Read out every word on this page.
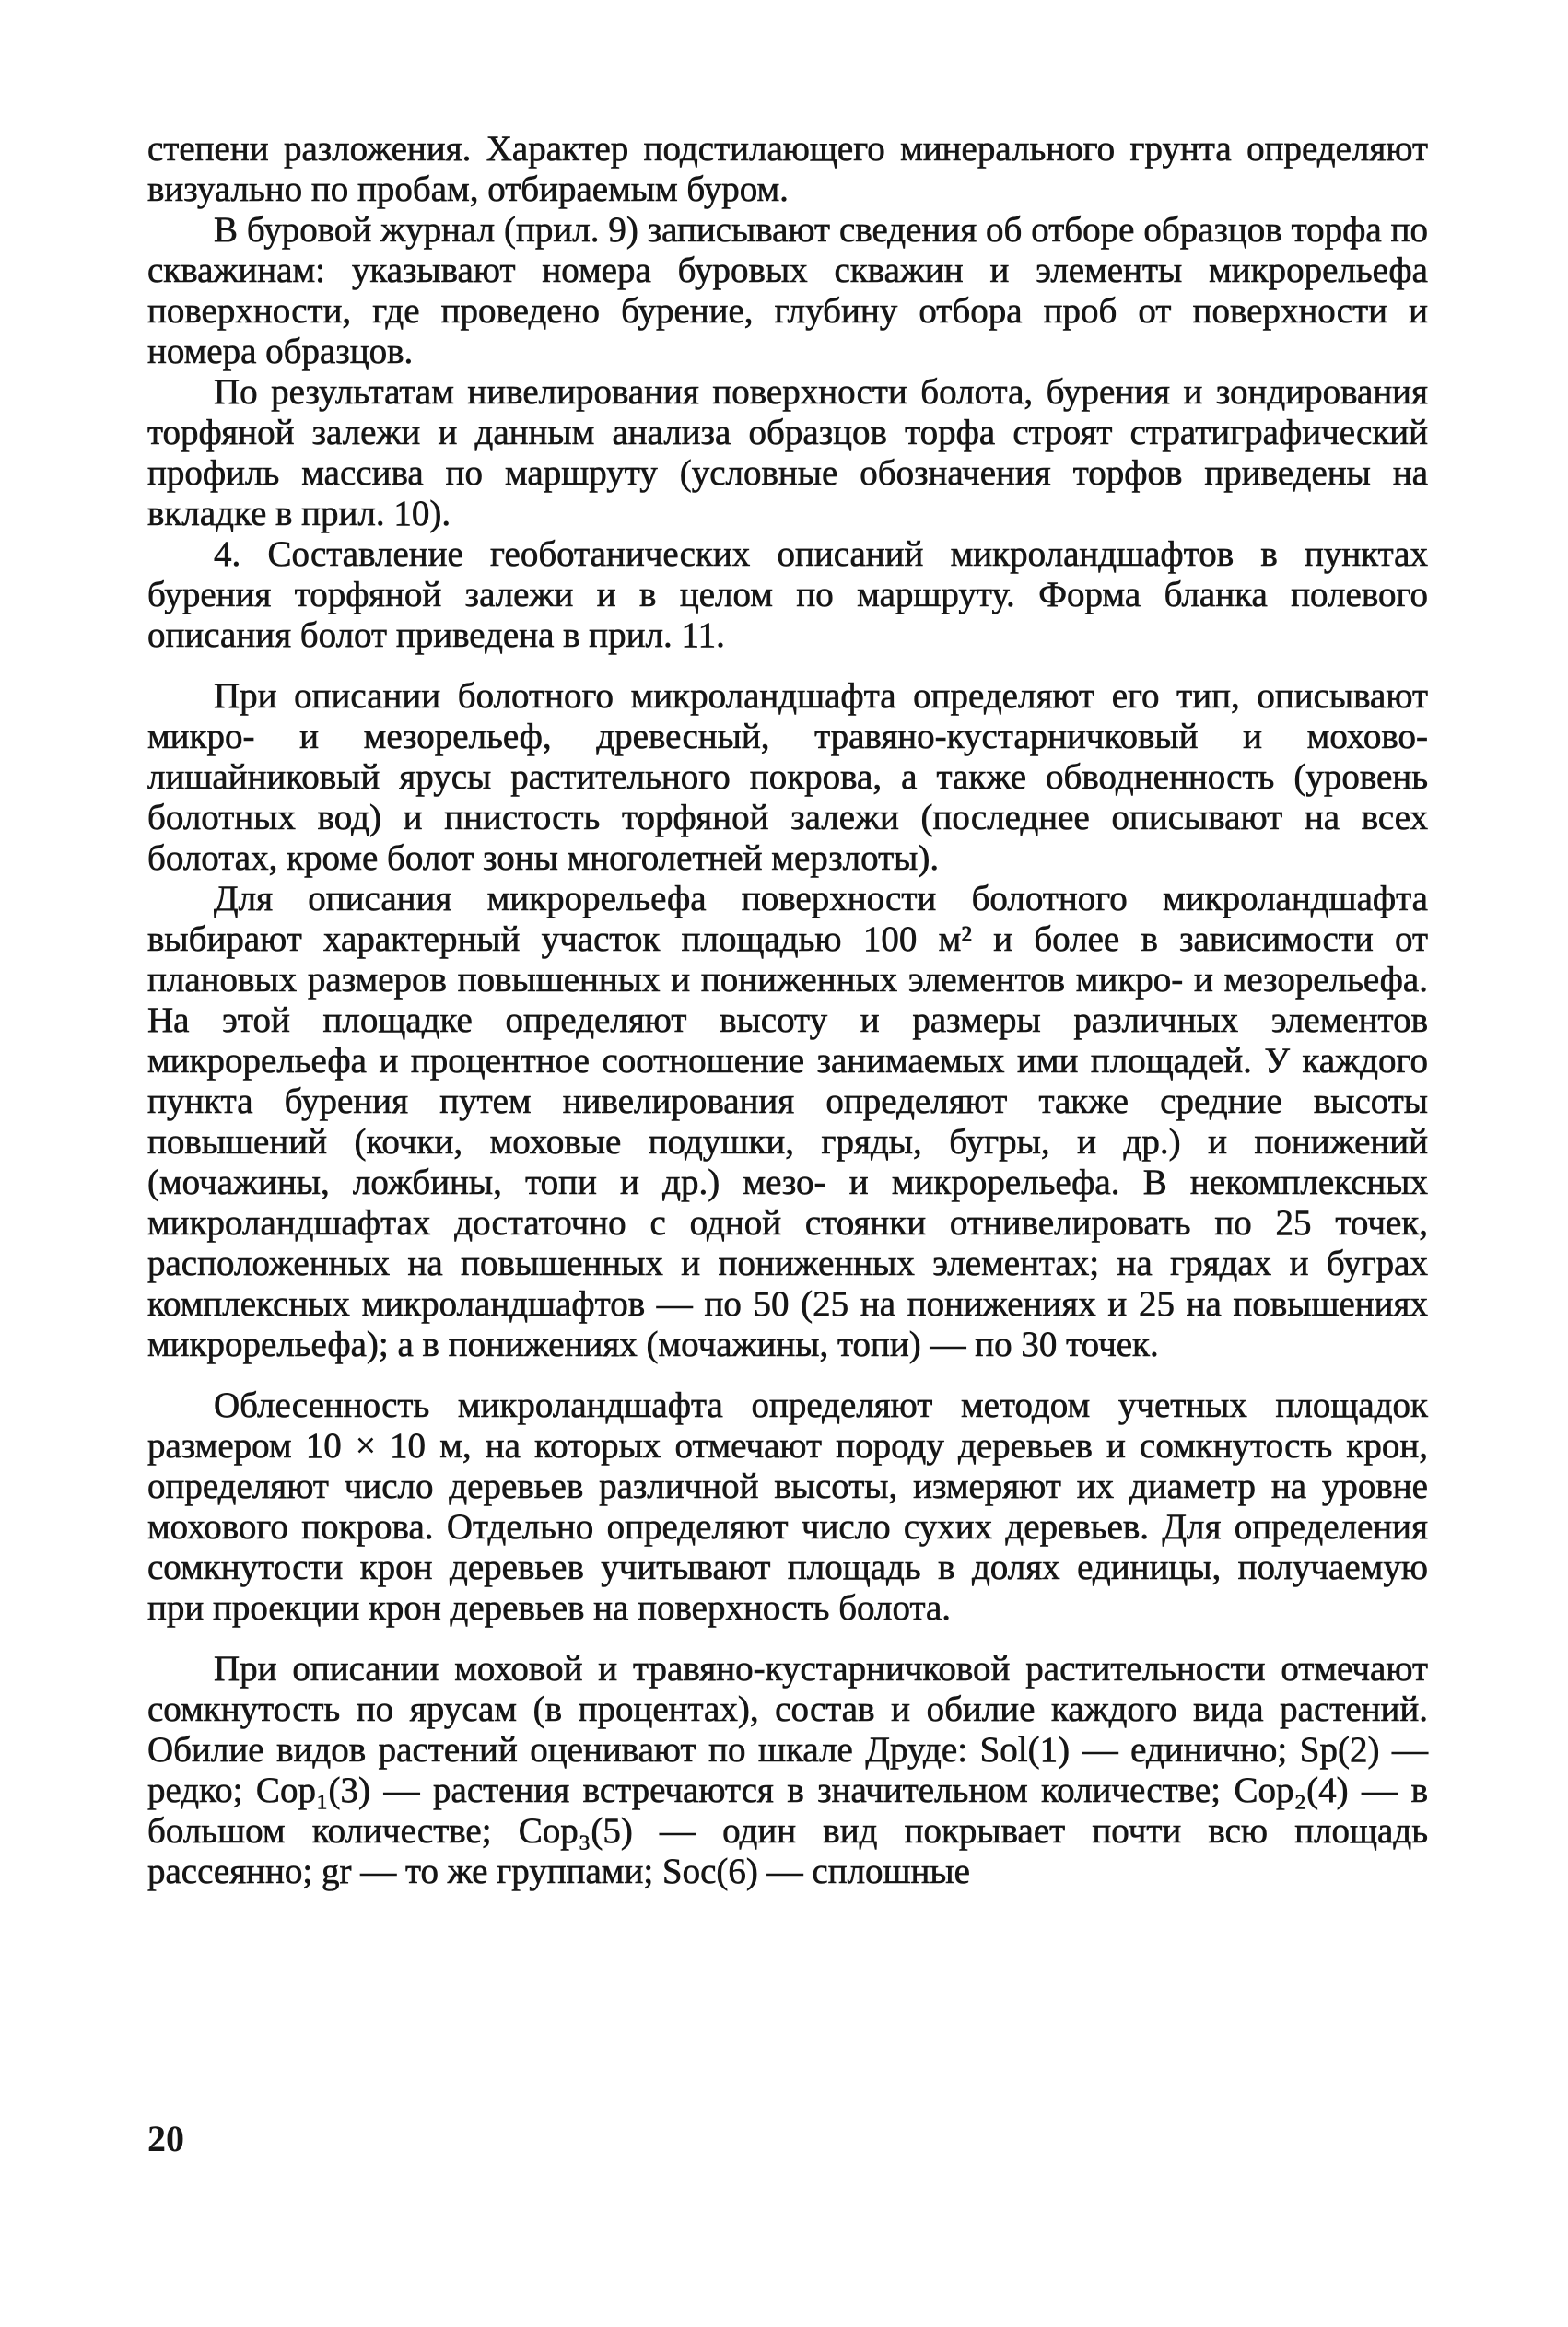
степени разложения. Характер подстилающего минерального грунта определяют визуально по пробам, отбираемым буром.

В буровой журнал (прил. 9) записывают сведения об отборе образцов торфа по скважинам: указывают номера буровых скважин и элементы микрорельефа поверхности, где проведено бурение, глубину отбора проб от поверхности и номера образцов.

По результатам нивелирования поверхности болота, бурения и зондирования торфяной залежи и данным анализа образцов торфа строят стратиграфический профиль массива по маршруту (условные обозначения торфов приведены на вкладке в прил. 10).

4. Составление геоботанических описаний микроландшафтов в пунктах бурения торфяной залежи и в целом по маршруту. Форма бланка полевого описания болот приведена в прил. 11.

При описании болотного микроландшафта определяют его тип, описывают микро- и мезорельеф, древесный, травяно-кустарничковый и мохово-лишайниковый ярусы растительного покрова, а также обводненность (уровень болотных вод) и пнистость торфяной залежи (последнее описывают на всех болотах, кроме болот зоны многолетней мерзлоты).

Для описания микрорельефа поверхности болотного микроландшафта выбирают характерный участок площадью 100 м² и более в зависимости от плановых размеров повышенных и пониженных элементов микро- и мезорельефа. На этой площадке определяют высоту и размеры различных элементов микрорельефа и процентное соотношение занимаемых ими площадей. У каждого пункта бурения путем нивелирования определяют также средние высоты повышений (кочки, моховые подушки, гряды, бугры, и др.) и понижений (мочажины, ложбины, топи и др.) мезо- и микрорельефа. В некомплексных микроландшафтах достаточно с одной стоянки отнивелировать по 25 точек, расположенных на повышенных и пониженных элементах; на грядах и буграх комплексных микроландшафтов — по 50 (25 на понижениях и 25 на повышениях микрорельефа); а в понижениях (мочажины, топи) — по 30 точек.

Облесенность микроландшафта определяют методом учетных площадок размером 10 × 10 м, на которых отмечают породу деревьев и сомкнутость крон, определяют число деревьев различной высоты, измеряют их диаметр на уровне мохового покрова. Отдельно определяют число сухих деревьев. Для определения сомкнутости крон деревьев учитывают площадь в долях единицы, получаемую при проекции крон деревьев на поверхность болота.

При описании моховой и травяно-кустарничковой растительности отмечают сомкнутость по ярусам (в процентах), состав и обилие каждого вида растений. Обилие видов растений оценивают по шкале Друде: Sol(1) — единично; Sp(2) — редко; Cop₁(3) — растения встречаются в значительном количестве; Cop₂(4) — в большом количестве; Cop₃(5) — один вид покрывает почти всю площадь рассеянно; gr — то же группами; Soc(6) — сплошные

20
